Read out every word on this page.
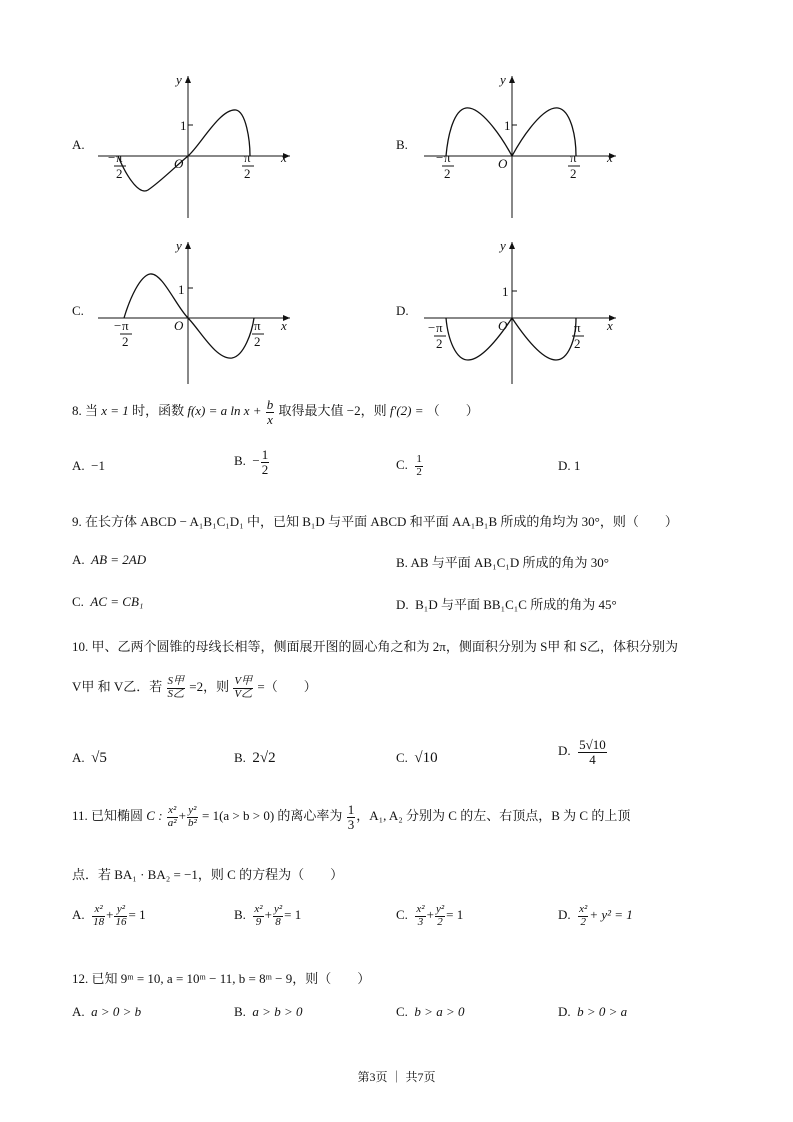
A.
y
x
O
1
− π
2
π
2
B.
y
x
O
1
− π
2
π
2
C.
y
x
O
1
− π
2
π
2
D.
y
x
O
1
− π
2
π
2
8. 当 x = 1 时，函数 f(x) = a $\ln x + \frac{b}{x}$ 取得最大值 −2，则 f′(2) = （　　）
A. −1	B. − $\frac{1}{2}$	C. $\frac{1}{2}$	D. 1
9. 在长方体 ABCD − A₁B₁C₁D₁ 中，已知 B₁D 与平面 ABCD 和平面 AA₁B₁B 所成的角均为 30°，则（　　）
A. AB = 2AD	B. AB 与平面 AB₁C₁D 所成的角为 30°
C. AC = CB₁	D. B₁D 与平面 BB₁C₁C 所成的角为 45°
10. 甲、乙两个圆锥的母线长相等，侧面展开图的圆心角之和为 2π，侧面积分别为 S甲 和 S乙，体积分别为
V甲 和 V乙．若 $\frac{\text{S甲}}{\text{S乙}} =2$，则 $\frac{\text{V甲}}{\text{V乙}}$ =（　　）
A. √5	B. 2√2	C. √10	D. $\frac{5√10}{4}$
11. 已知椭圆 C : $\frac{\text{x²}}{\text{a²}} + \frac{\text{y²}}{\text{b²}} = 1(a > b > 0)$ 的离心率为 $\frac{1}{3}$ ，A₁, A₂ 分别为 C 的左、右顶点，B 为 C 的上顶
点．若 BA₁ · BA₂ = −1，则 C 的方程为（　　）
A. $\frac{\text{x²}}{18} + \frac{\text{y²}}{16} = 1$	B. $\frac{\text{x²}}{9} + \frac{\text{y²}}{8} = 1$	C. $\frac{\text{x²}}{3} + \frac{\text{y²}}{2} = 1$	D. $\frac{\text{x²}}{2} + y^2 = 1$
12. 已知 9ᵐ = 10, a = 10ᵐ − 11, b = 8ᵐ − 9，则（　　）
A. a > 0 > b	B. a > b > 0	C. b > a > 0	D. b > 0 > a
第3页 ｜ 共7页
